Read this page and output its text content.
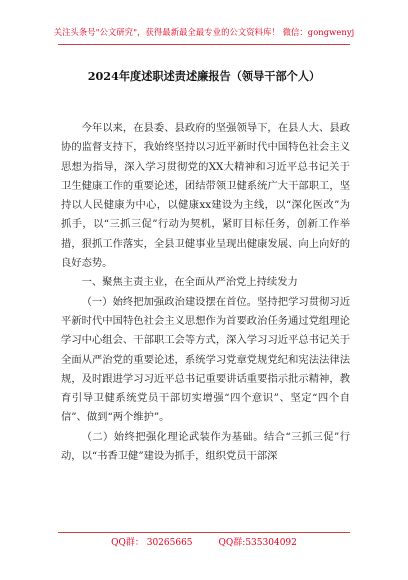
关注头条号"公文研究"，获得最新最全最专业的公文资料库！ 微信：gongwenyj
2024年度述职述责述廉报告（领导干部个人）

今年以来，在县委、县政府的坚强领导下，在县人大、县政协的监督支持下，我始终坚持以习近平新时代中国特色社会主义思想为指导，深入学习贯彻党的XX大精神和习近平总书记关于卫生健康工作的重要论述，团结带领卫健系统广大干部职工，坚持以人民健康为中心，以健康xx建设为主线，以“深化医改”为抓手，以“三抓三促”行动为契机，紧盯目标任务，创新工作举措，狠抓工作落实，全县卫健事业呈现出健康发展、向上向好的良好态势。

一、聚焦主责主业，在全面从严治党上持续发力

（一）始终把加强政治建设摆在首位。坚持把学习贯彻习近平新时代中国特色社会主义思想作为首要政治任务通过党组理论学习中心组会、干部职工会等方式，深入学习习近平总书记关于全面从严治党的重要论述，系统学习党章党规党纪和宪法法律法规，及时跟进学习习近平总书记重要讲话重要指示批示精神，教育引导卫健系统党员干部切实增强“四个意识”、坚定“四个自信”、做到“两个维护”。

（二）始终把强化理论武装作为基础。结合“三抓三促”行动，以“书香卫健”建设为抓手，组织党员干部深

QQ群： 30265665	QQ群:535304092
